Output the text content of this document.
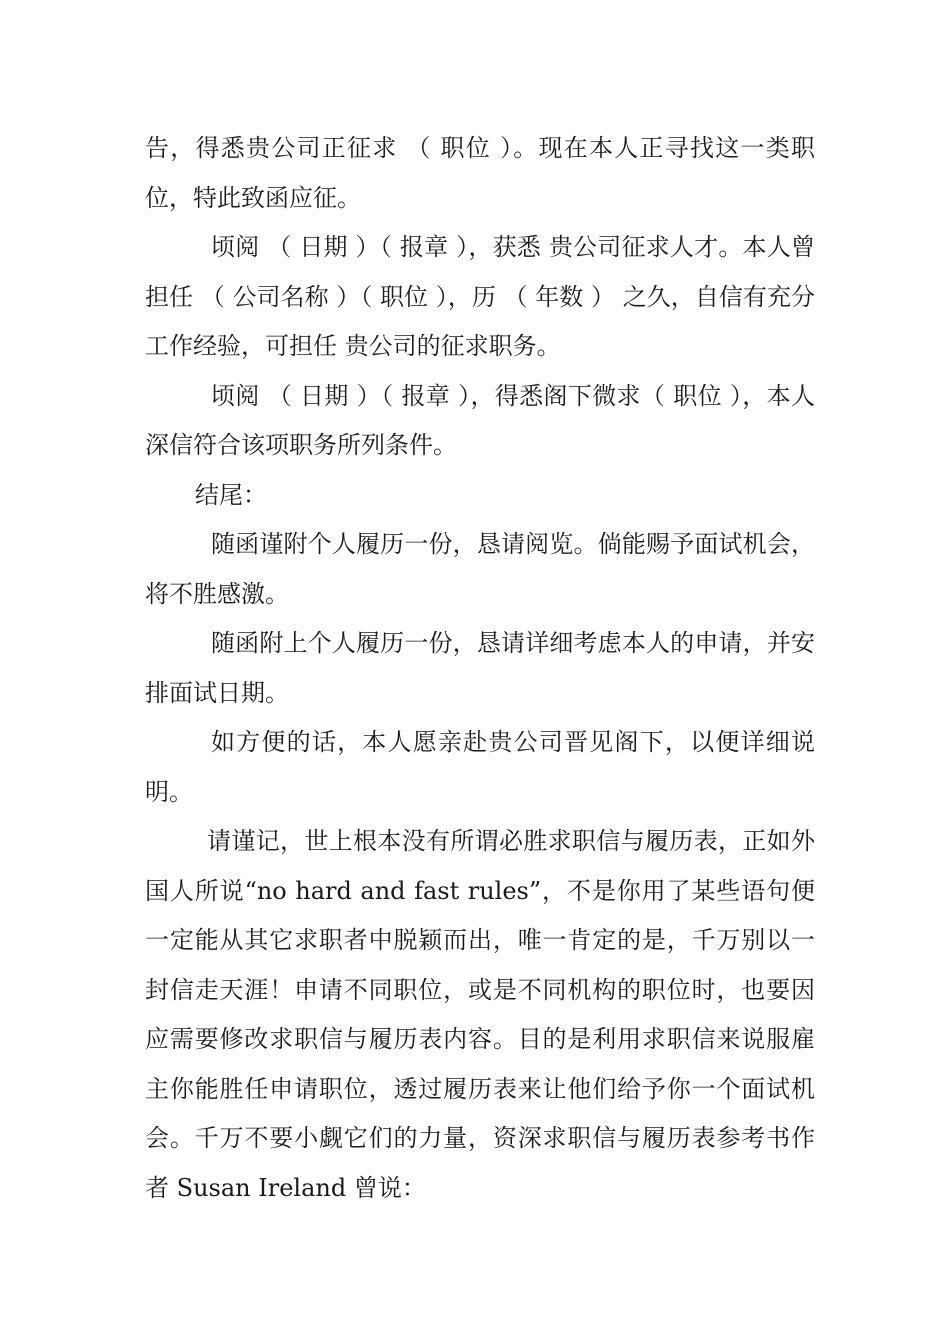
告，得悉贵公司正征求 （ 职位 ）。现在本人正寻找这一类职位，特此致函应征。

顷阅 （ 日期 ）（ 报章 ），获悉 贵公司征求人才。本人曾担任 （ 公司名称 ）（ 职位 ），历 （ 年数 ） 之久，自信有充分工作经验，可担任 贵公司的征求职务。

顷阅 （ 日期 ）（ 报章 ），得悉阁下微求（ 职位 ），本人深信符合该项职务所列条件。

结尾：

随函谨附个人履历一份，恳请阅览。倘能赐予面试机会，将不胜感激。

随函附上个人履历一份，恳请详细考虑本人的申请，并安排面试日期。

如方便的话，本人愿亲赴贵公司晋见阁下，以便详细说明。

请谨记，世上根本没有所谓必胜求职信与履历表，正如外国人所说“no hard and fast rules”，不是你用了某些语句便一定能从其它求职者中脱颖而出，唯一肯定的是，千万别以一封信走天涯！申请不同职位，或是不同机构的职位时，也要因应需要修改求职信与履历表内容。目的是利用求职信来说服雇主你能胜任申请职位，透过履历表来让他们给予你一个面试机会。千万不要小觑它们的力量，资深求职信与履历表参考书作者 Susan Ireland 曾说：
